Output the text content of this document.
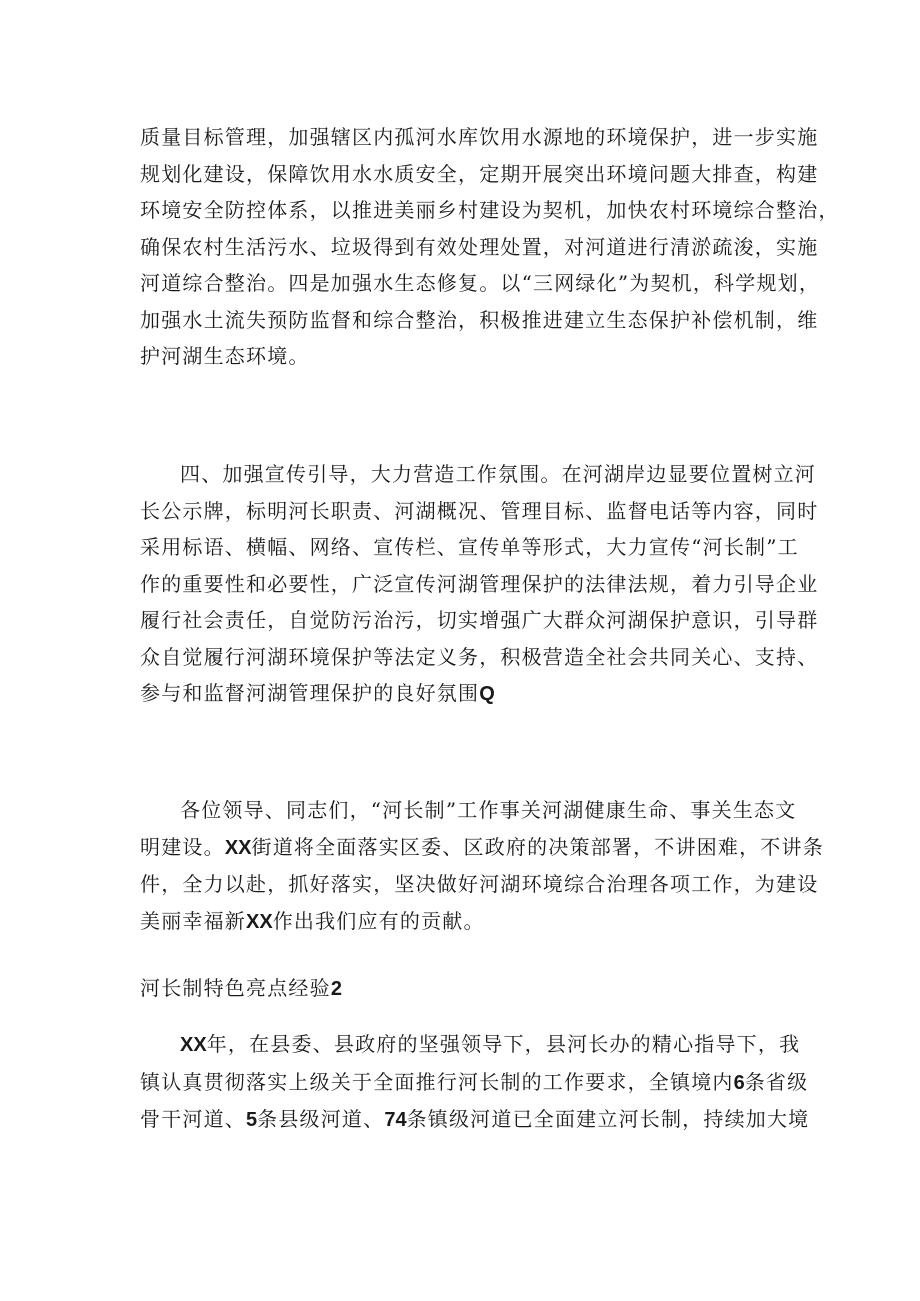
质量目标管理，加强辖区内孤河水库饮用水源地的环境保护，进一步实施
规划化建设，保障饮用水水质安全，定期开展突出环境问题大排查，构建
环境安全防控体系，以推进美丽乡村建设为契机，加快农村环境综合整治，
确保农村生活污水、垃圾得到有效处理处置，对河道进行清淤疏浚，实施
河道综合整治。四是加强水生态修复。以“三网绿化”为契机，科学规划，
加强水土流失预防监督和综合整治，积极推进建立生态保护补偿机制，维
护河湖生态环境。
四、加强宣传引导，大力营造工作氛围。在河湖岸边显要位置树立河
长公示牌，标明河长职责、河湖概况、管理目标、监督电话等内容，同时
采用标语、横幅、网络、宣传栏、宣传单等形式，大力宣传“河长制”工
作的重要性和必要性，广泛宣传河湖管理保护的法律法规，着力引导企业
履行社会责任，自觉防污治污，切实增强广大群众河湖保护意识，引导群
众自觉履行河湖环境保护等法定义务，积极营造全社会共同关心、支持、
参与和监督河湖管理保护的良好氛围Q
各位领导、同志们，“河长制”工作事关河湖健康生命、事关生态文
明建设。XX街道将全面落实区委、区政府的决策部署，不讲困难，不讲条
件，全力以赴，抓好落实，坚决做好河湖环境综合治理各项工作，为建设
美丽幸福新XX作出我们应有的贡献。
河长制特色亮点经验2
XX年，在县委、县政府的坚强领导下，县河长办的精心指导下，我
镇认真贯彻落实上级关于全面推行河长制的工作要求，全镇境内6条省级
骨干河道、5条县级河道、74条镇级河道已全面建立河长制，持续加大境
